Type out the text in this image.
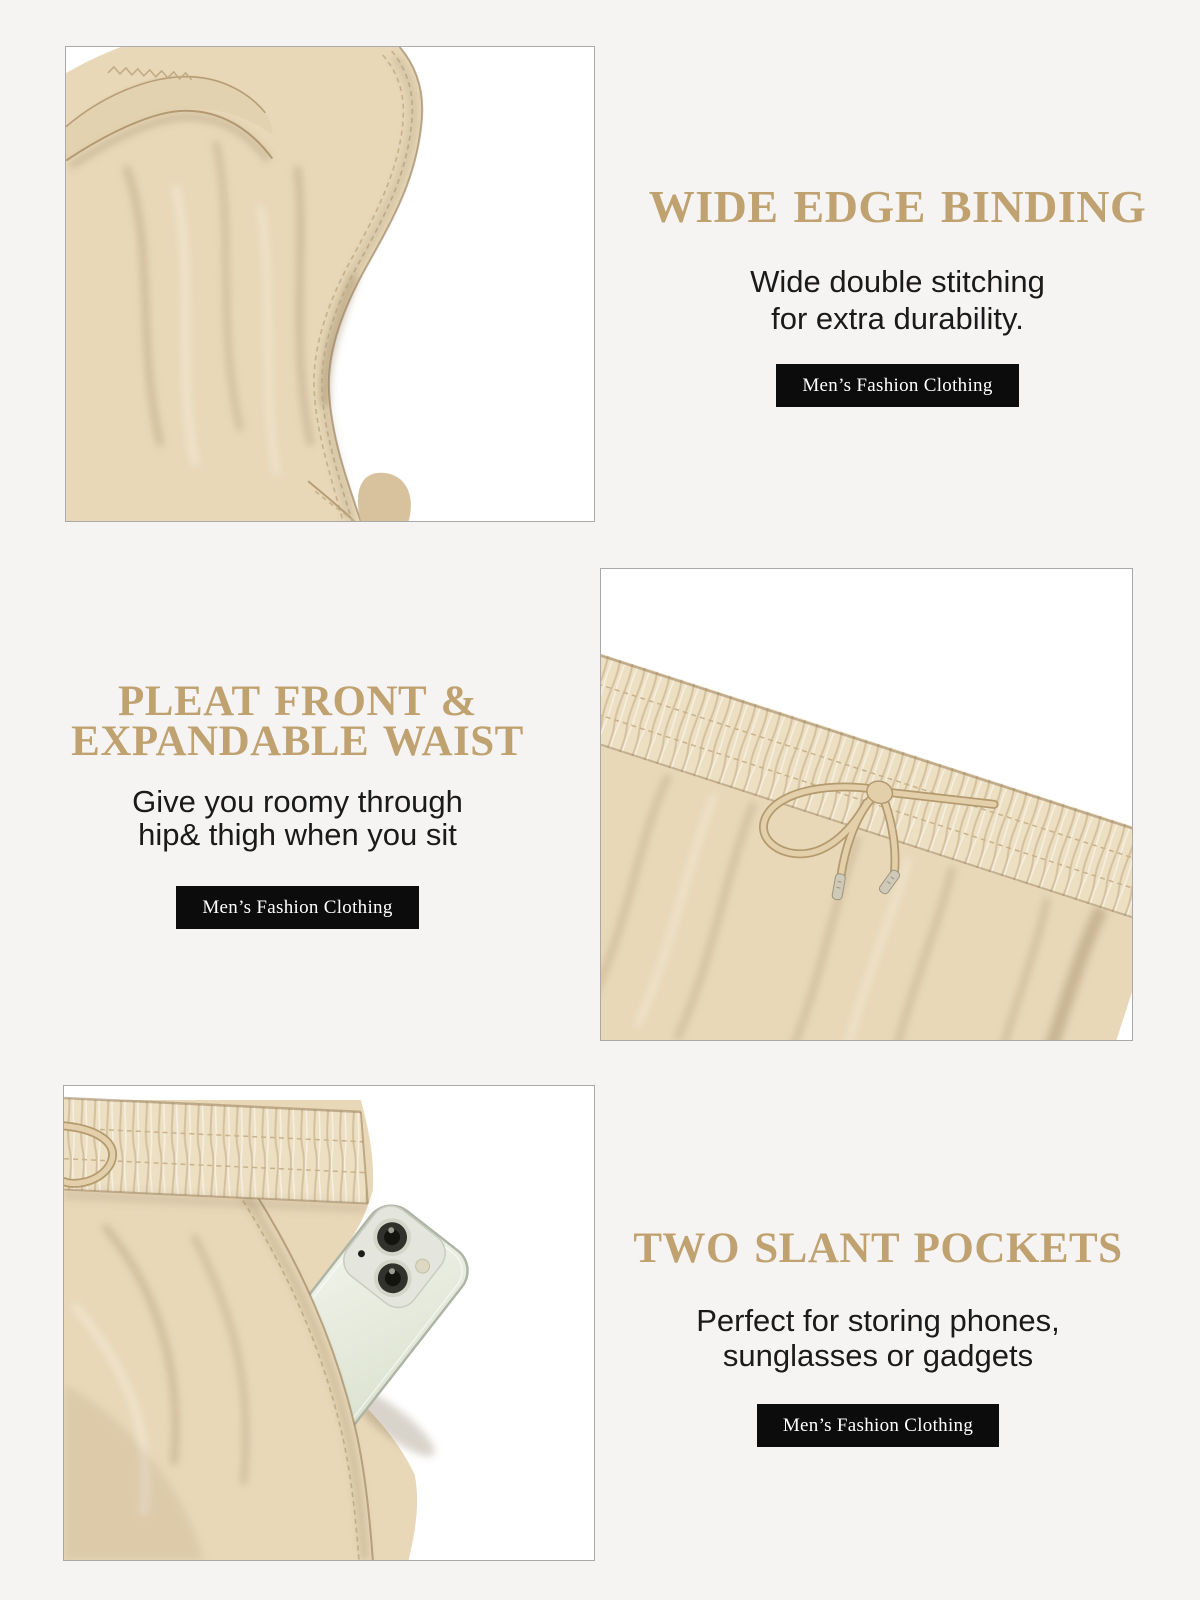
WIDE EDGE BINDING
Wide double stitching
for extra durability.
Men’s Fashion Clothing
PLEAT FRONT &
EXPANDABLE WAIST
Give you roomy through
hip& thigh when you sit
Men’s Fashion Clothing
TWO SLANT POCKETS
Perfect for storing phones,
sunglasses or gadgets
Men’s Fashion Clothing
